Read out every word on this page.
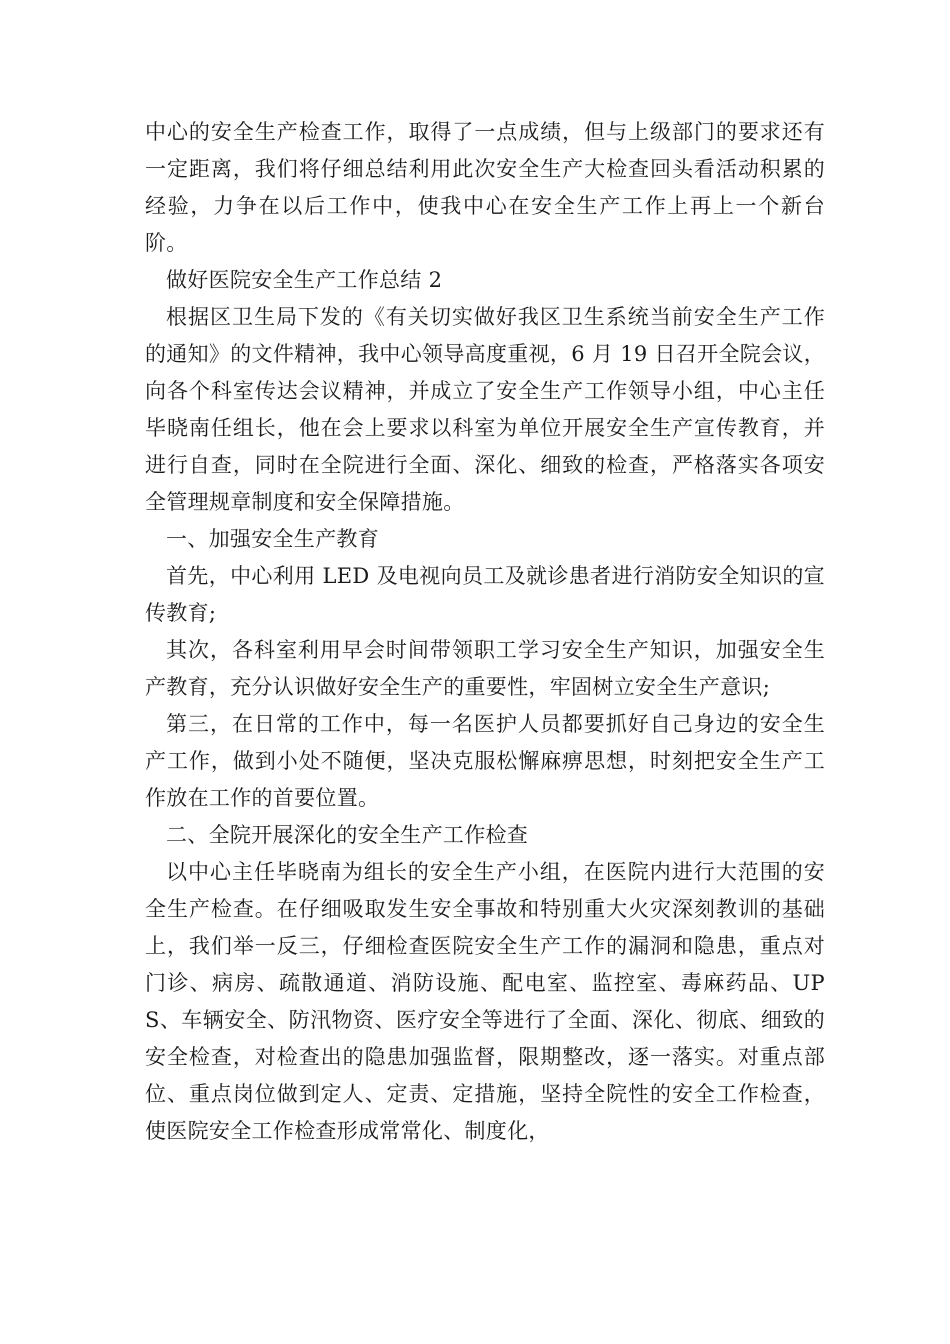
中心的安全生产检查工作，取得了一点成绩，但与上级部门的要求还有一定距离，我们将仔细总结利用此次安全生产大检查回头看活动积累的经验，力争在以后工作中，使我中心在安全生产工作上再上一个新台阶。

做好医院安全生产工作总结 2

根据区卫生局下发的《有关切实做好我区卫生系统当前安全生产工作的通知》的文件精神，我中心领导高度重视，6 月 19 日召开全院会议，向各个科室传达会议精神，并成立了安全生产工作领导小组，中心主任毕晓南任组长，他在会上要求以科室为单位开展安全生产宣传教育，并进行自查，同时在全院进行全面、深化、细致的检查，严格落实各项安全管理规章制度和安全保障措施。

一、加强安全生产教育

首先，中心利用 LED 及电视向员工及就诊患者进行消防安全知识的宣传教育;

其次，各科室利用早会时间带领职工学习安全生产知识，加强安全生产教育，充分认识做好安全生产的重要性，牢固树立安全生产意识;

第三，在日常的工作中，每一名医护人员都要抓好自己身边的安全生产工作，做到小处不随便，坚决克服松懈麻痹思想，时刻把安全生产工作放在工作的首要位置。

二、全院开展深化的安全生产工作检查

以中心主任毕晓南为组长的安全生产小组，在医院内进行大范围的安全生产检查。在仔细吸取发生安全事故和特别重大火灾深刻教训的基础上，我们举一反三，仔细检查医院安全生产工作的漏洞和隐患，重点对门诊、病房、疏散通道、消防设施、配电室、监控室、毒麻药品、UPS、车辆安全、防汛物资、医疗安全等进行了全面、深化、彻底、细致的安全检查，对检查出的隐患加强监督，限期整改，逐一落实。对重点部位、重点岗位做到定人、定责、定措施，坚持全院性的安全工作检查，使医院安全工作检查形成常常化、制度化，
